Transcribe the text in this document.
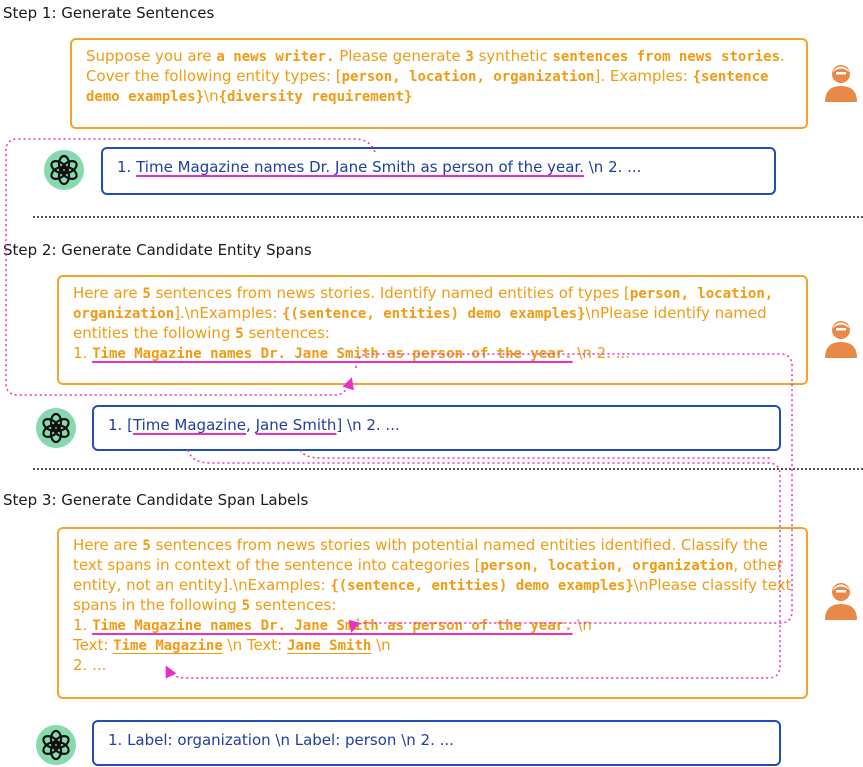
Step 1: Generate Sentences
Suppose you are a news writer. Please generate 3 synthetic sentences from news stories. Cover the following entity types: [person, location, organization]. Examples: {sentence demo examples}\n{diversity requirement}
1. Time Magazine names Dr. Jane Smith as person of the year. \n 2. ...
Step 2: Generate Candidate Entity Spans
Here are 5 sentences from news stories. Identify named entities of types [person, location, organization].\nExamples: {(sentence, entities) demo examples}\nPlease identify named entities the following 5 sentences:
1. Time Magazine names Dr. Jane Smith as person of the year. \n 2. ...
1. [Time Magazine, Jane Smith] \n 2. ...
Step 3: Generate Candidate Span Labels
Here are 5 sentences from news stories with potential named entities identified. Classify the text spans in context of the sentence into categories [person, location, organization, other entity, not an entity].\nExamples: {(sentence, entities) demo examples}\nPlease classify text spans in the following 5 sentences:
1. Time Magazine names Dr. Jane Smith as person of the year. \n
Text: Time Magazine \n Text: Jane Smith \n
2. ...
1. Label: organization \n Label: person \n 2. ...
